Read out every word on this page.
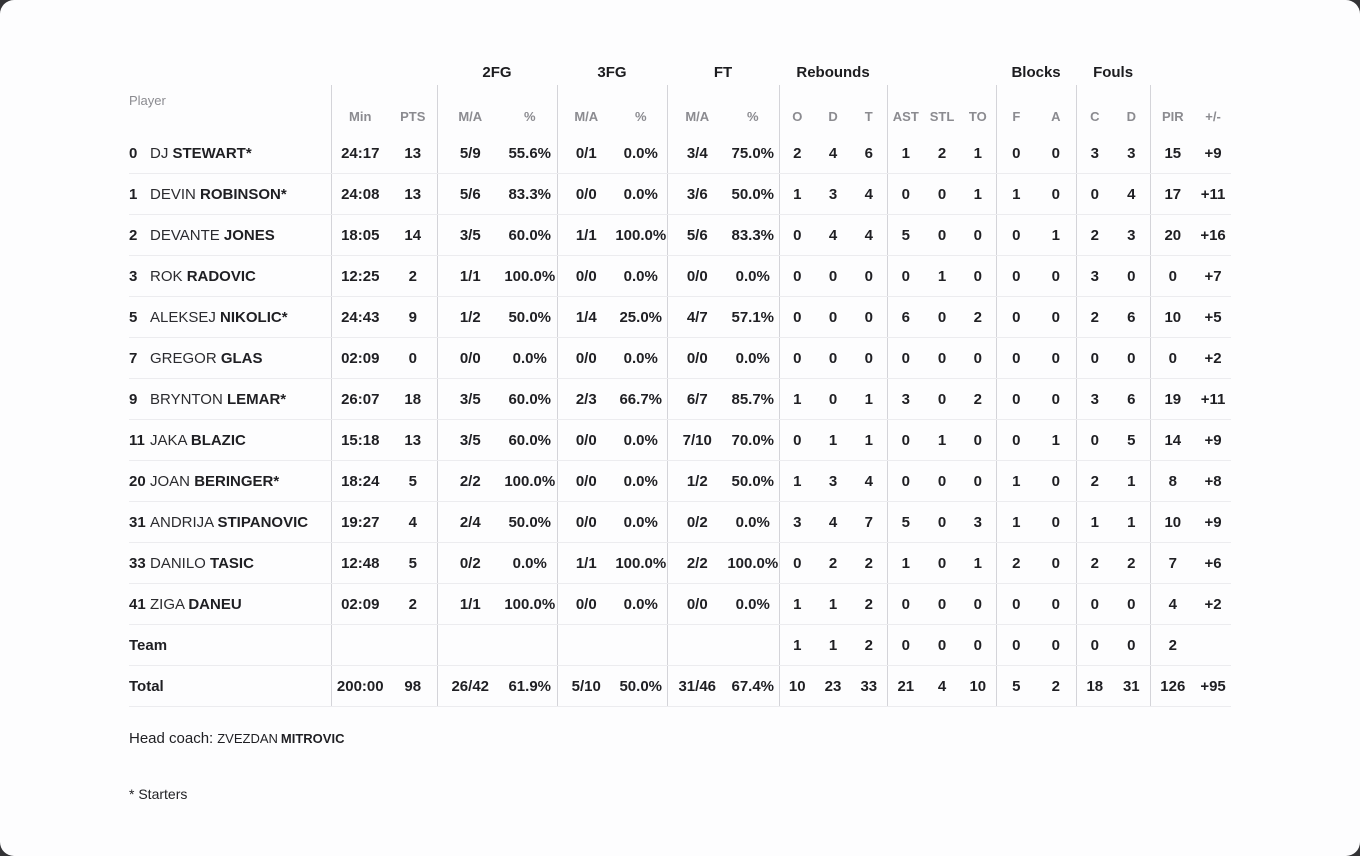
			2FG		3FG		FT		Rebounds						Blocks		Fouls			
Player	Min	PTS	M/A	%	M/A	%	M/A	%	O	D	T	AST	STL	TO	F	A	C	D	PIR	+/-
0 DJ STEWART*	24:17	13	5/9	55.6%	0/1	0.0%	3/4	75.0%	2	4	6	1	2	1	0	0	3	3	15	+9
1 DEVIN ROBINSON*	24:08	13	5/6	83.3%	0/0	0.0%	3/6	50.0%	1	3	4	0	0	1	1	0	0	4	17	+11
2 DEVANTE JONES	18:05	14	3/5	60.0%	1/1	100.0%	5/6	83.3%	0	4	4	5	0	0	0	1	2	3	20	+16
3 ROK RADOVIC	12:25	2	1/1	100.0%	0/0	0.0%	0/0	0.0%	0	0	0	0	1	0	0	0	3	0	0	+7
5 ALEKSEJ NIKOLIC*	24:43	9	1/2	50.0%	1/4	25.0%	4/7	57.1%	0	0	0	6	0	2	0	0	2	6	10	+5
7 GREGOR GLAS	02:09	0	0/0	0.0%	0/0	0.0%	0/0	0.0%	0	0	0	0	0	0	0	0	0	0	0	+2
9 BRYNTON LEMAR*	26:07	18	3/5	60.0%	2/3	66.7%	6/7	85.7%	1	0	1	3	0	2	0	0	3	6	19	+11
11 JAKA BLAZIC	15:18	13	3/5	60.0%	0/0	0.0%	7/10	70.0%	0	1	1	0	1	0	0	1	0	5	14	+9
20 JOAN BERINGER*	18:24	5	2/2	100.0%	0/0	0.0%	1/2	50.0%	1	3	4	0	0	0	1	0	2	1	8	+8
31 ANDRIJA STIPANOVIC	19:27	4	2/4	50.0%	0/0	0.0%	0/2	0.0%	3	4	7	5	0	3	1	0	1	1	10	+9
33 DANILO TASIC	12:48	5	0/2	0.0%	1/1	100.0%	2/2	100.0%	0	2	2	1	0	1	2	0	2	2	7	+6
41 ZIGA DANEU	02:09	2	1/1	100.0%	0/0	0.0%	0/0	0.0%	1	1	2	0	0	0	0	0	0	0	4	+2
Team									1	1	2	0	0	0	0	0	0	0	2	
Total	200:00	98	26/42	61.9%	5/10	50.0%	31/46	67.4%	10	23	33	21	4	10	5	2	18	31	126	+95
Head coach: ZVEZDAN MITROVIC
* Starters
